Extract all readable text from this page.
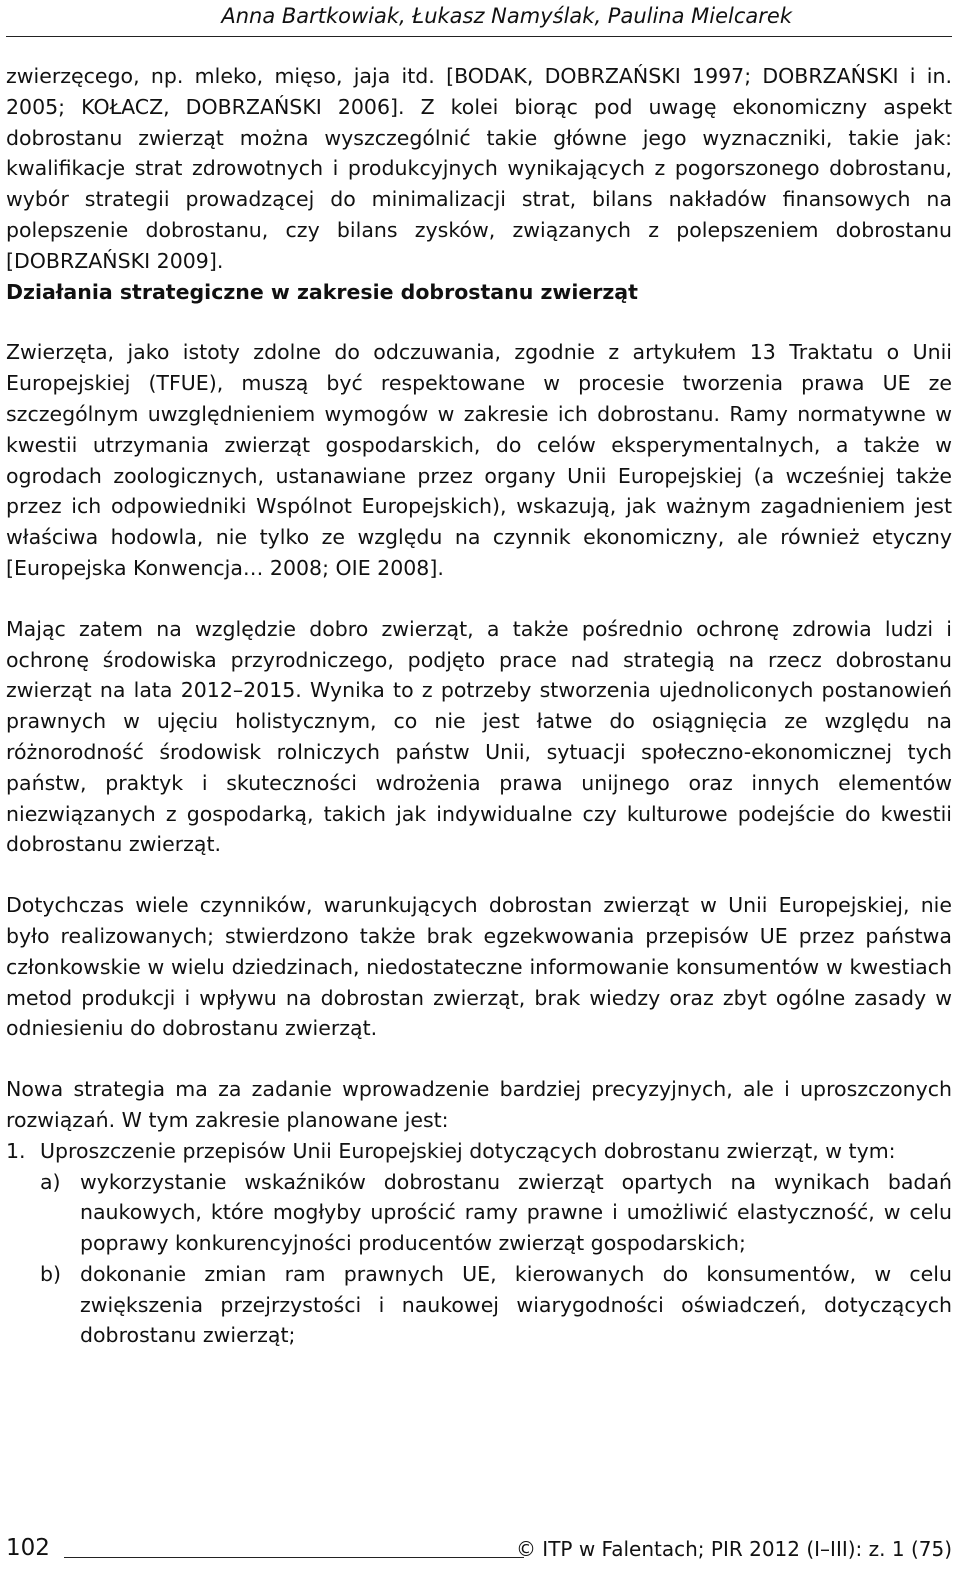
Anna Bartkowiak, Łukasz Namyślak, Paulina Mielcarek

zwierzęcego, np. mleko, mięso, jaja itd. [BODAK, DOBRZAŃSKI 1997; DOBRZAŃSKI i in. 2005; KOŁACZ, DOBRZAŃSKI 2006]. Z kolei biorąc pod uwagę ekonomiczny aspekt dobrostanu zwierząt można wyszczególnić takie główne jego wyznaczniki, takie jak: kwalifikacje strat zdrowotnych i produkcyjnych wynikających z pogorszonego dobrostanu, wybór strategii prowadzącej do minimalizacji strat, bilans nakładów finansowych na polepszenie dobrostanu, czy bilans zysków, związanych z polepszeniem dobrostanu [DOBRZAŃSKI 2009].

Działania strategiczne w zakresie dobrostanu zwierząt

Zwierzęta, jako istoty zdolne do odczuwania, zgodnie z artykułem 13 Traktatu o Unii Europejskiej (TFUE), muszą być respektowane w procesie tworzenia prawa UE ze szczególnym uwzględnieniem wymogów w zakresie ich dobrostanu. Ramy normatywne w kwestii utrzymania zwierząt gospodarskich, do celów eksperymentalnych, a także w ogrodach zoologicznych, ustanawiane przez organy Unii Europejskiej (a wcześniej także przez ich odpowiedniki Wspólnot Europejskich), wskazują, jak ważnym zagadnieniem jest właściwa hodowla, nie tylko ze względu na czynnik ekonomiczny, ale również etyczny [Europejska Konwencja… 2008; OIE 2008].

Mając zatem na względzie dobro zwierząt, a także pośrednio ochronę zdrowia ludzi i ochronę środowiska przyrodniczego, podjęto prace nad strategią na rzecz dobrostanu zwierząt na lata 2012–2015. Wynika to z potrzeby stworzenia ujednoliconych postanowień prawnych w ujęciu holistycznym, co nie jest łatwe do osiągnięcia ze względu na różnorodność środowisk rolniczych państw Unii, sytuacji społeczno-ekonomicznej tych państw, praktyk i skuteczności wdrożenia prawa unijnego oraz innych elementów niezwiązanych z gospodarką, takich jak indywidualne czy kulturowe podejście do kwestii dobrostanu zwierząt.

Dotychczas wiele czynników, warunkujących dobrostan zwierząt w Unii Europejskiej, nie było realizowanych; stwierdzono także brak egzekwowania przepisów UE przez państwa członkowskie w wielu dziedzinach, niedostateczne informowanie konsumentów w kwestiach metod produkcji i wpływu na dobrostan zwierząt, brak wiedzy oraz zbyt ogólne zasady w odniesieniu do dobrostanu zwierząt.

Nowa strategia ma za zadanie wprowadzenie bardziej precyzyjnych, ale i uproszczonych rozwiązań. W tym zakresie planowane jest:

1. Uproszczenie przepisów Unii Europejskiej dotyczących dobrostanu zwierząt, w tym:
a) wykorzystanie wskaźników dobrostanu zwierząt opartych na wynikach badań naukowych, które mogłyby uprościć ramy prawne i umożliwić elastyczność, w celu poprawy konkurencyjności producentów zwierząt gospodarskich;
b) dokonanie zmian ram prawnych UE, kierowanych do konsumentów, w celu zwiększenia przejrzystości i naukowej wiarygodności oświadczeń, dotyczących dobrostanu zwierząt;
102	© ITP w Falentach; PIR 2012 (I–III): z. 1 (75)
